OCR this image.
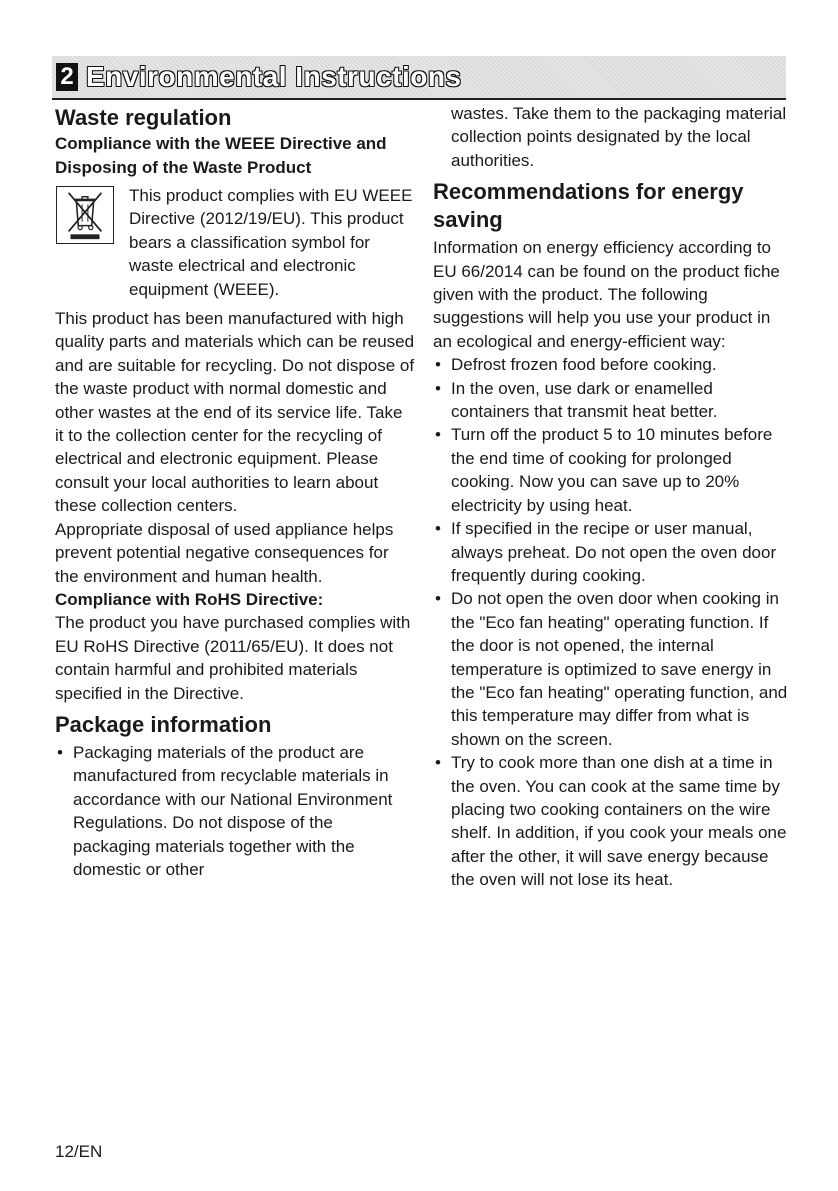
2 Environmental Instructions
Waste regulation
Compliance with the WEEE Directive and Disposing of the Waste Product

This product complies with EU WEEE Directive (2012/19/EU). This product bears a classification symbol for waste electrical and electronic equipment (WEEE).

This product has been manufactured with high quality parts and materials which can be reused and are suitable for recycling. Do not dispose of the waste product with normal domestic and other wastes at the end of its service life. Take it to the collection center for the recycling of electrical and electronic equipment. Please consult your local authorities to learn about these collection centers.

Appropriate disposal of used appliance helps prevent potential negative consequences for the environment and human health.

Compliance with RoHS Directive:

The product you have purchased complies with EU RoHS Directive (2011/65/EU). It does not contain harmful and prohibited materials specified in the Directive.

Package information
• Packaging materials of the product are manufactured from recyclable materials in accordance with our National Environment Regulations. Do not dispose of the packaging materials together with the domestic or other

wastes. Take them to the packaging material collection points designated by the local authorities.

Recommendations for energy saving

Information on energy efficiency according to EU 66/2014 can be found on the product fiche given with the product. The following suggestions will help you use your product in an ecological and energy-efficient way:

• Defrost frozen food before cooking.
• In the oven, use dark or enamelled containers that transmit heat better.
• Turn off the product 5 to 10 minutes before the end time of cooking for prolonged cooking. Now you can save up to 20% electricity by using heat.
• If specified in the recipe or user manual, always preheat. Do not open the oven door frequently during cooking.
• Do not open the oven door when cooking in the "Eco fan heating" operating function. If the door is not opened, the internal temperature is optimized to save energy in the "Eco fan heating" operating function, and this temperature may differ from what is shown on the screen.
• Try to cook more than one dish at a time in the oven. You can cook at the same time by placing two cooking containers on the wire shelf. In addition, if you cook your meals one after the other, it will save energy because the oven will not lose its heat.
12/EN
